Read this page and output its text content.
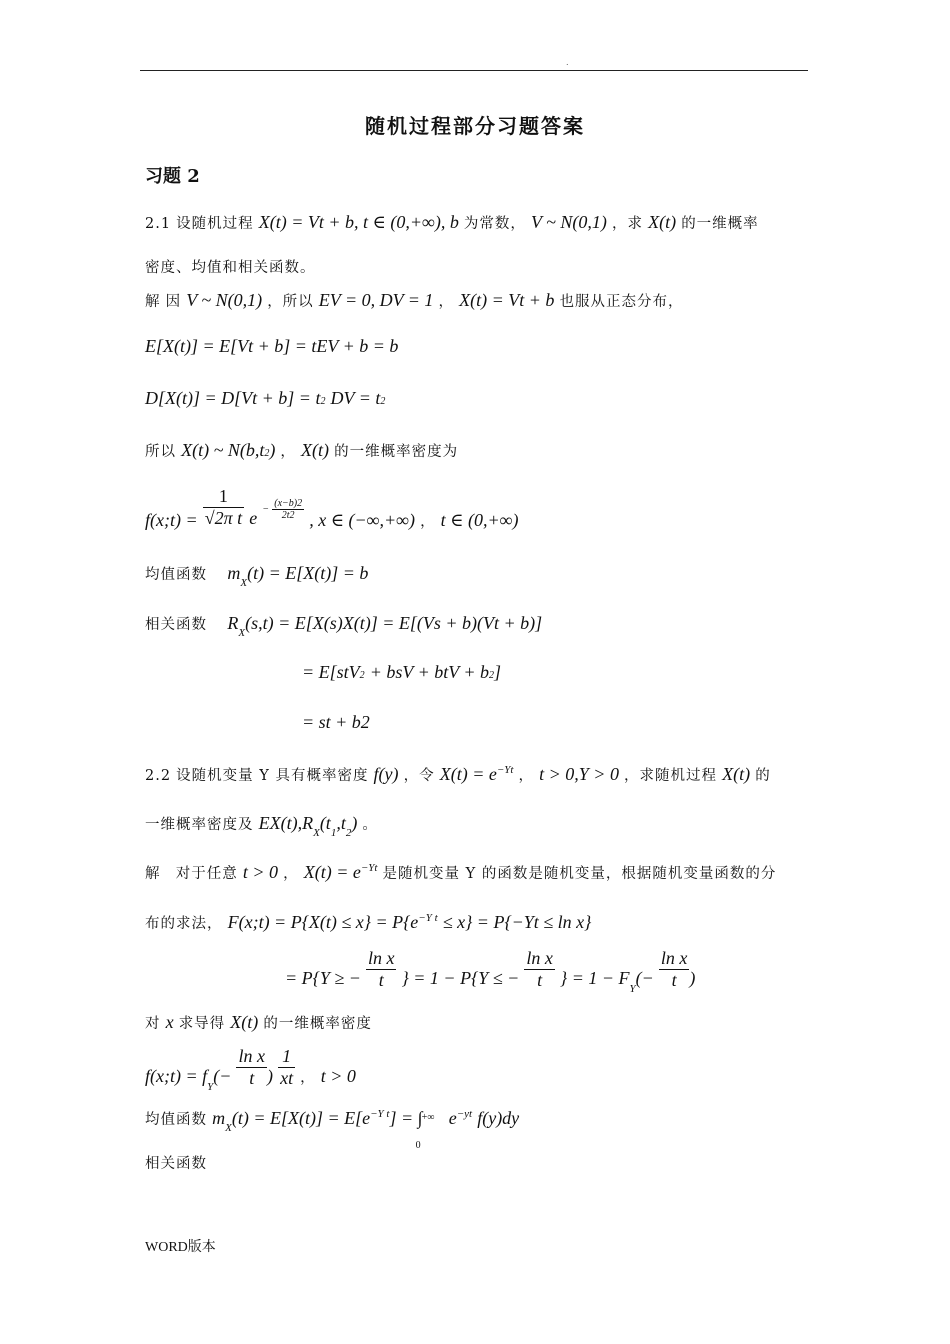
.
随机过程部分习题答案
习题 2
2.1 设随机过程 X(t) = Vt + b, t ∈ (0,+∞), b 为常数， V ~ N(0,1) ，求 X(t) 的一维概率
密度、均值和相关函数。
解 因 V ~ N(0,1) ，所以 EV = 0, DV = 1 ， X(t) = Vt + b 也服从正态分布，
E[X(t)] = E[Vt + b] = tEV + b = b
D[X(t)] = D[Vt + b] = t2 DV = t2
所以 X(t) ~ N(b,t2) ， X(t) 的一维概率密度为
f(x;t) = $\frac{1}{\text{√2π t}}$ $e - \frac{(x-b)2}{2t2}$ , x ∈ (−∞,+∞) ， t ∈ (0,+∞)
均值函数 $m_X(t) = E[X(t)] = b$
相关函数 $R_X(s,t) = E[X(s)X(t)] = E[(Vs + b)(Vt + b)]$
= E[stV2 + bsV + btV + b2]
= st + b2
2.2 设随机变量 Y 具有概率密度 f(y) ，令 $X(t) = e^{-Yt}$ ， t > 0,Y > 0 ，求随机过程 X(t) 的
一维概率密度及 $EX(t),R_X(t_1,t_2)$ 。
解 对于任意 t > 0 ， $X(t) = e^{-Yt}$ 是随机变量 Y 的函数是随机变量，根据随机变量函数的分
布的求法， F(x;t) = $P\{X(t) \le x\} = P\{e^{-Y t} \le x\} = P\{-Yt \le \ln x\}$
= P{Y ≥ − $\frac{\text{ln x}}{t}$ } = 1 − P{Y ≤ − $\frac{\text{ln x}}{t}$ } = $1 - F_Y(- \frac{\text{ln x}}{t}$ )
对 x 求导得 X(t) 的一维概率密度
f(x;t) = $f_Y(- \frac{\text{ln x}}{t}$ ) $\frac{1}{xt}$ ， t > 0
均值函数 $m_X(t) = E[X(t)] = E[e^{-Y t}]$ = ∫ +∞
0
$e^{-yt}$ f(y)dy
相关函数
WORD版本
